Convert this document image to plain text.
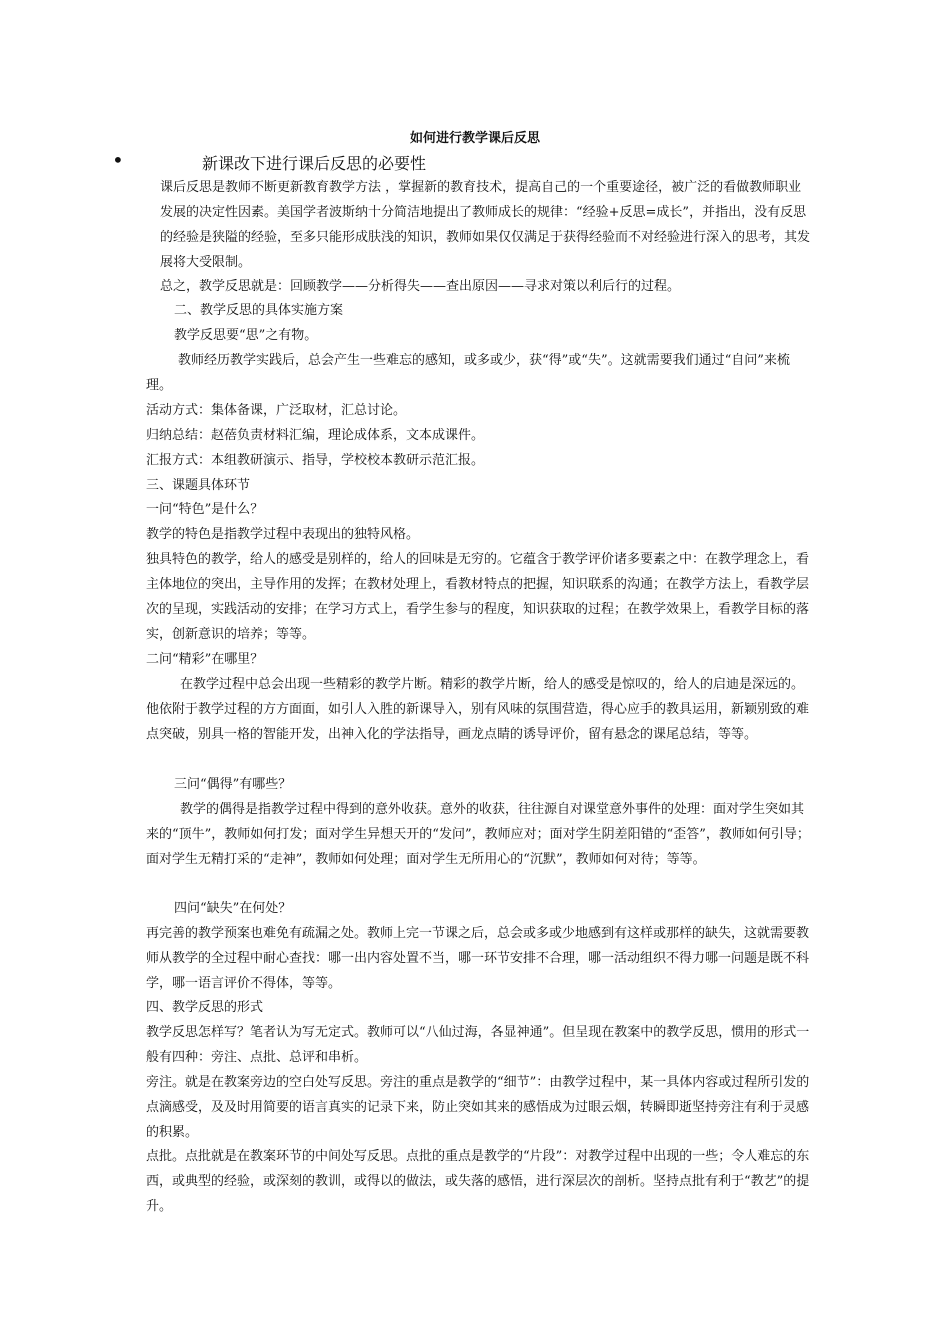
如何进行教学课后反思
•	新课改下进行课后反思的必要性
课后反思是教师不断更新教育教学方法 ，掌握新的教育技术，提高自己的一个重要途径，被广泛的看做教师职业发展的决定性因素。美国学者波斯纳十分简洁地提出了教师成长的规律：“经验+反思=成长”，并指出，没有反思的经验是狭隘的经验，至多只能形成肤浅的知识，教师如果仅仅满足于获得经验而不对经验进行深入的思考，其发展将大受限制。
总之，教学反思就是：回顾教学——分析得失——查出原因——寻求对策以利后行的过程。
二、教学反思的具体实施方案
教学反思要“思”之有物。
教师经历教学实践后，总会产生一些难忘的感知，或多或少，获“得”或“失”。这就需要我们通过“自问”来梳理。
活动方式：集体备课，广泛取材，汇总讨论。
归纳总结：赵蓓负责材料汇编，理论成体系，文本成课件。
汇报方式：本组教研演示、指导，学校校本教研示范汇报。
三、课题具体环节
一问“特色”是什么？
教学的特色是指教学过程中表现出的独特风格。
独具特色的教学，给人的感受是别样的，给人的回味是无穷的。它蕴含于教学评价诸多要素之中：在教学理念上，看主体地位的突出，主导作用的发挥；在教材处理上，看教材特点的把握，知识联系的沟通；在教学方法上，看教学层次的呈现，实践活动的安排；在学习方式上，看学生参与的程度，知识获取的过程；在教学效果上，看教学目标的落实，创新意识的培养；等等。
二问“精彩”在哪里？
在教学过程中总会出现一些精彩的教学片断。精彩的教学片断，给人的感受是惊叹的，给人的启迪是深远的。他依附于教学过程的方方面面，如引人入胜的新课导入，别有风味的氛围营造，得心应手的教具运用，新颖别致的难点突破，别具一格的智能开发，出神入化的学法指导，画龙点睛的诱导评价，留有悬念的课尾总结，等等。
三问“偶得”有哪些？
教学的偶得是指教学过程中得到的意外收获。意外的收获，往往源自对课堂意外事件的处理：面对学生突如其来的“顶牛”，教师如何打发；面对学生异想天开的“发问”，教师应对；面对学生阴差阳错的“歪答”，教师如何引导；面对学生无精打采的“走神”，教师如何处理；面对学生无所用心的“沉默”，教师如何对待；等等。
四问“缺失”在何处？
再完善的教学预案也难免有疏漏之处。教师上完一节课之后，总会或多或少地感到有这样或那样的缺失，这就需要教师从教学的全过程中耐心查找：哪一出内容处置不当，哪一环节安排不合理，哪一活动组织不得力哪一问题是既不科学，哪一语言评价不得体，等等。
四、教学反思的形式
教学反思怎样写？笔者认为写无定式。教师可以“八仙过海，各显神通”。但呈现在教案中的教学反思，惯用的形式一般有四种：旁注、点批、总评和串析。
旁注。就是在教案旁边的空白处写反思。旁注的重点是教学的“细节”：由教学过程中，某一具体内容或过程所引发的点滴感受，及及时用简要的语言真实的记录下来，防止突如其来的感悟成为过眼云烟，转瞬即逝坚持旁注有利于灵感的积累。
点批。点批就是在教案环节的中间处写反思。点批的重点是教学的“片段”：对教学过程中出现的一些；令人难忘的东西，或典型的经验，或深刻的教训，或得以的做法，或失落的感悟，进行深层次的剖析。坚持点批有利于“教艺”的提升。
